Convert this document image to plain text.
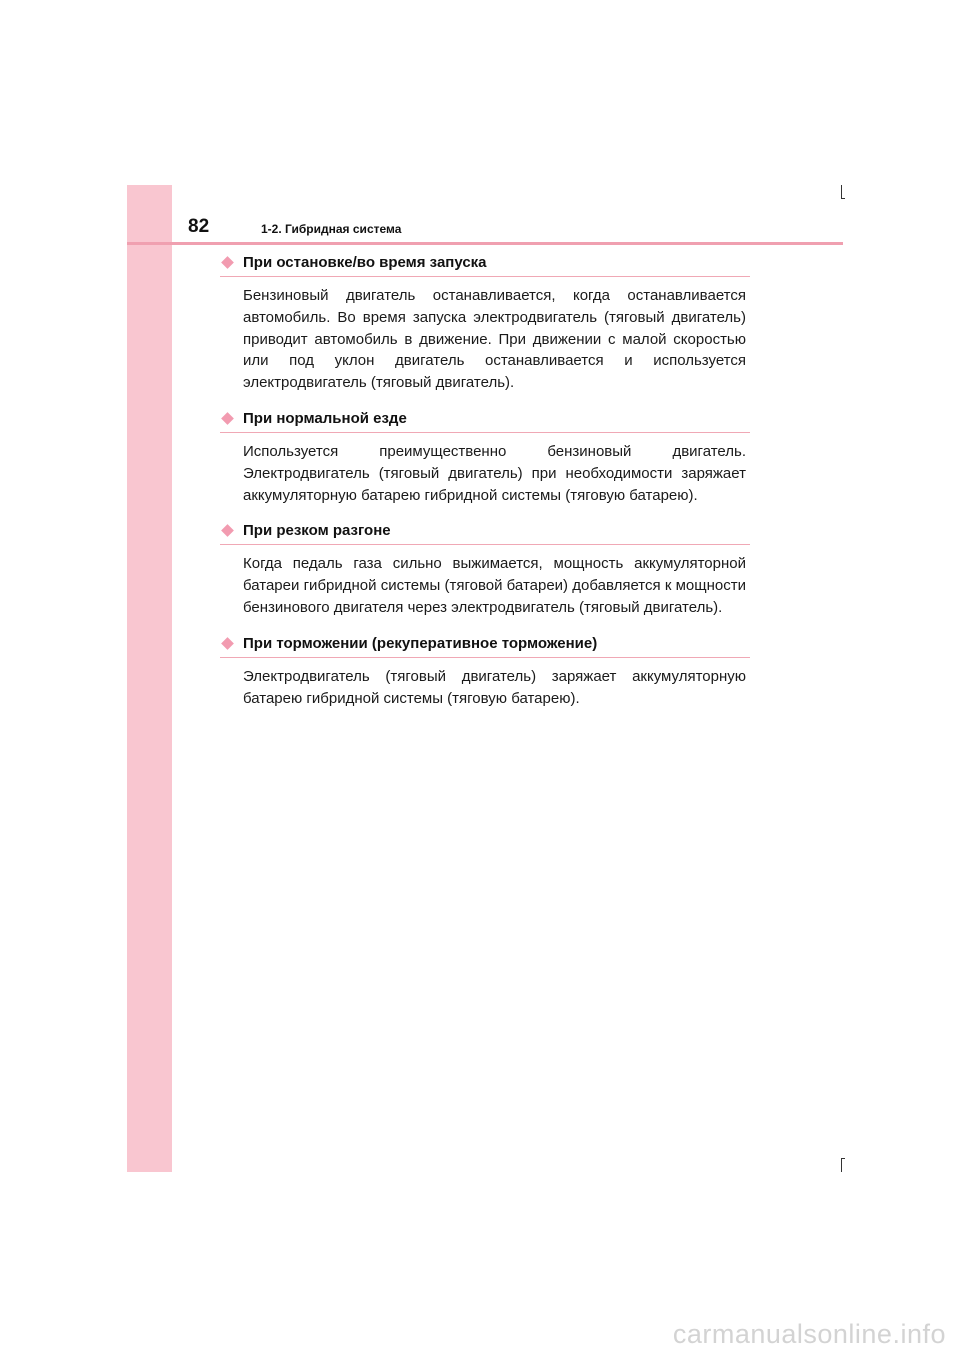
82	1-2. Гибридная система
При остановке/во время запуска

Бензиновый двигатель останавливается, когда останавливается автомобиль. Во время запуска электродвигатель (тяговый двигатель) приводит автомобиль в движение. При движении с малой скоростью или под уклон двигатель останавливается и используется электродвигатель (тяговый двигатель).

При нормальной езде

Используется преимущественно бензиновый двигатель. Электродвигатель (тяговый двигатель) при необходимости заряжает аккумуляторную батарею гибридной системы (тяговую батарею).

При резком разгоне

Когда педаль газа сильно выжимается, мощность аккумуляторной батареи гибридной системы (тяговой батареи) добавляется к мощности бензинового двигателя через электродвигатель (тяговый двигатель).

При торможении (рекуперативное торможение)

Электродвигатель (тяговый двигатель) заряжает аккумуляторную батарею гибридной системы (тяговую батарею).

carmanualsonline.info
